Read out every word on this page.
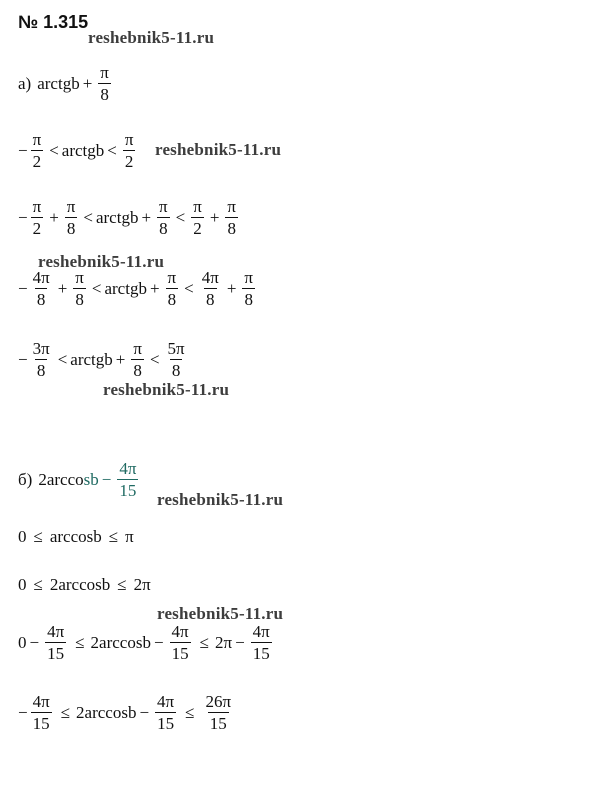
№ 1.315
reshebnik5-11.ru
reshebnik5-11.ru
reshebnik5-11.ru
reshebnik5-11.ru
reshebnik5-11.ru
reshebnik5-11.ru
а) arctgb + $\frac{\pi}{8}$
− $\frac{\pi}{2}$ < arctgb < $\frac{\pi}{2}$
− $\frac{\pi}{2} + \frac{\pi}{8}$ < arctgb + $\frac{\pi}{8} < \frac{\pi}{2} + \frac{\pi}{8}$
− $\frac{4\pi}{8} + \frac{\pi}{8}$ < arctgb + $\frac{\pi}{8} < \frac{4\pi}{8} + \frac{\pi}{8}$
− $\frac{3\pi}{8}$ < arctgb + $\frac{\pi}{8} < \frac{5\pi}{8}$
б) 2arcco sb − $\frac{4\pi}{15}$
0 ≤ arccosb ≤ π
0 ≤ 2arccosb ≤ 2π
$0 - \frac{4\pi}{15} \le 2\arccos b - \frac{4\pi}{15} \le 2\pi - \frac{4\pi}{15}$
− $\frac{4\pi}{15} \le 2\arccos b - \frac{4\pi}{15} \le \frac{26\pi}{15}$
